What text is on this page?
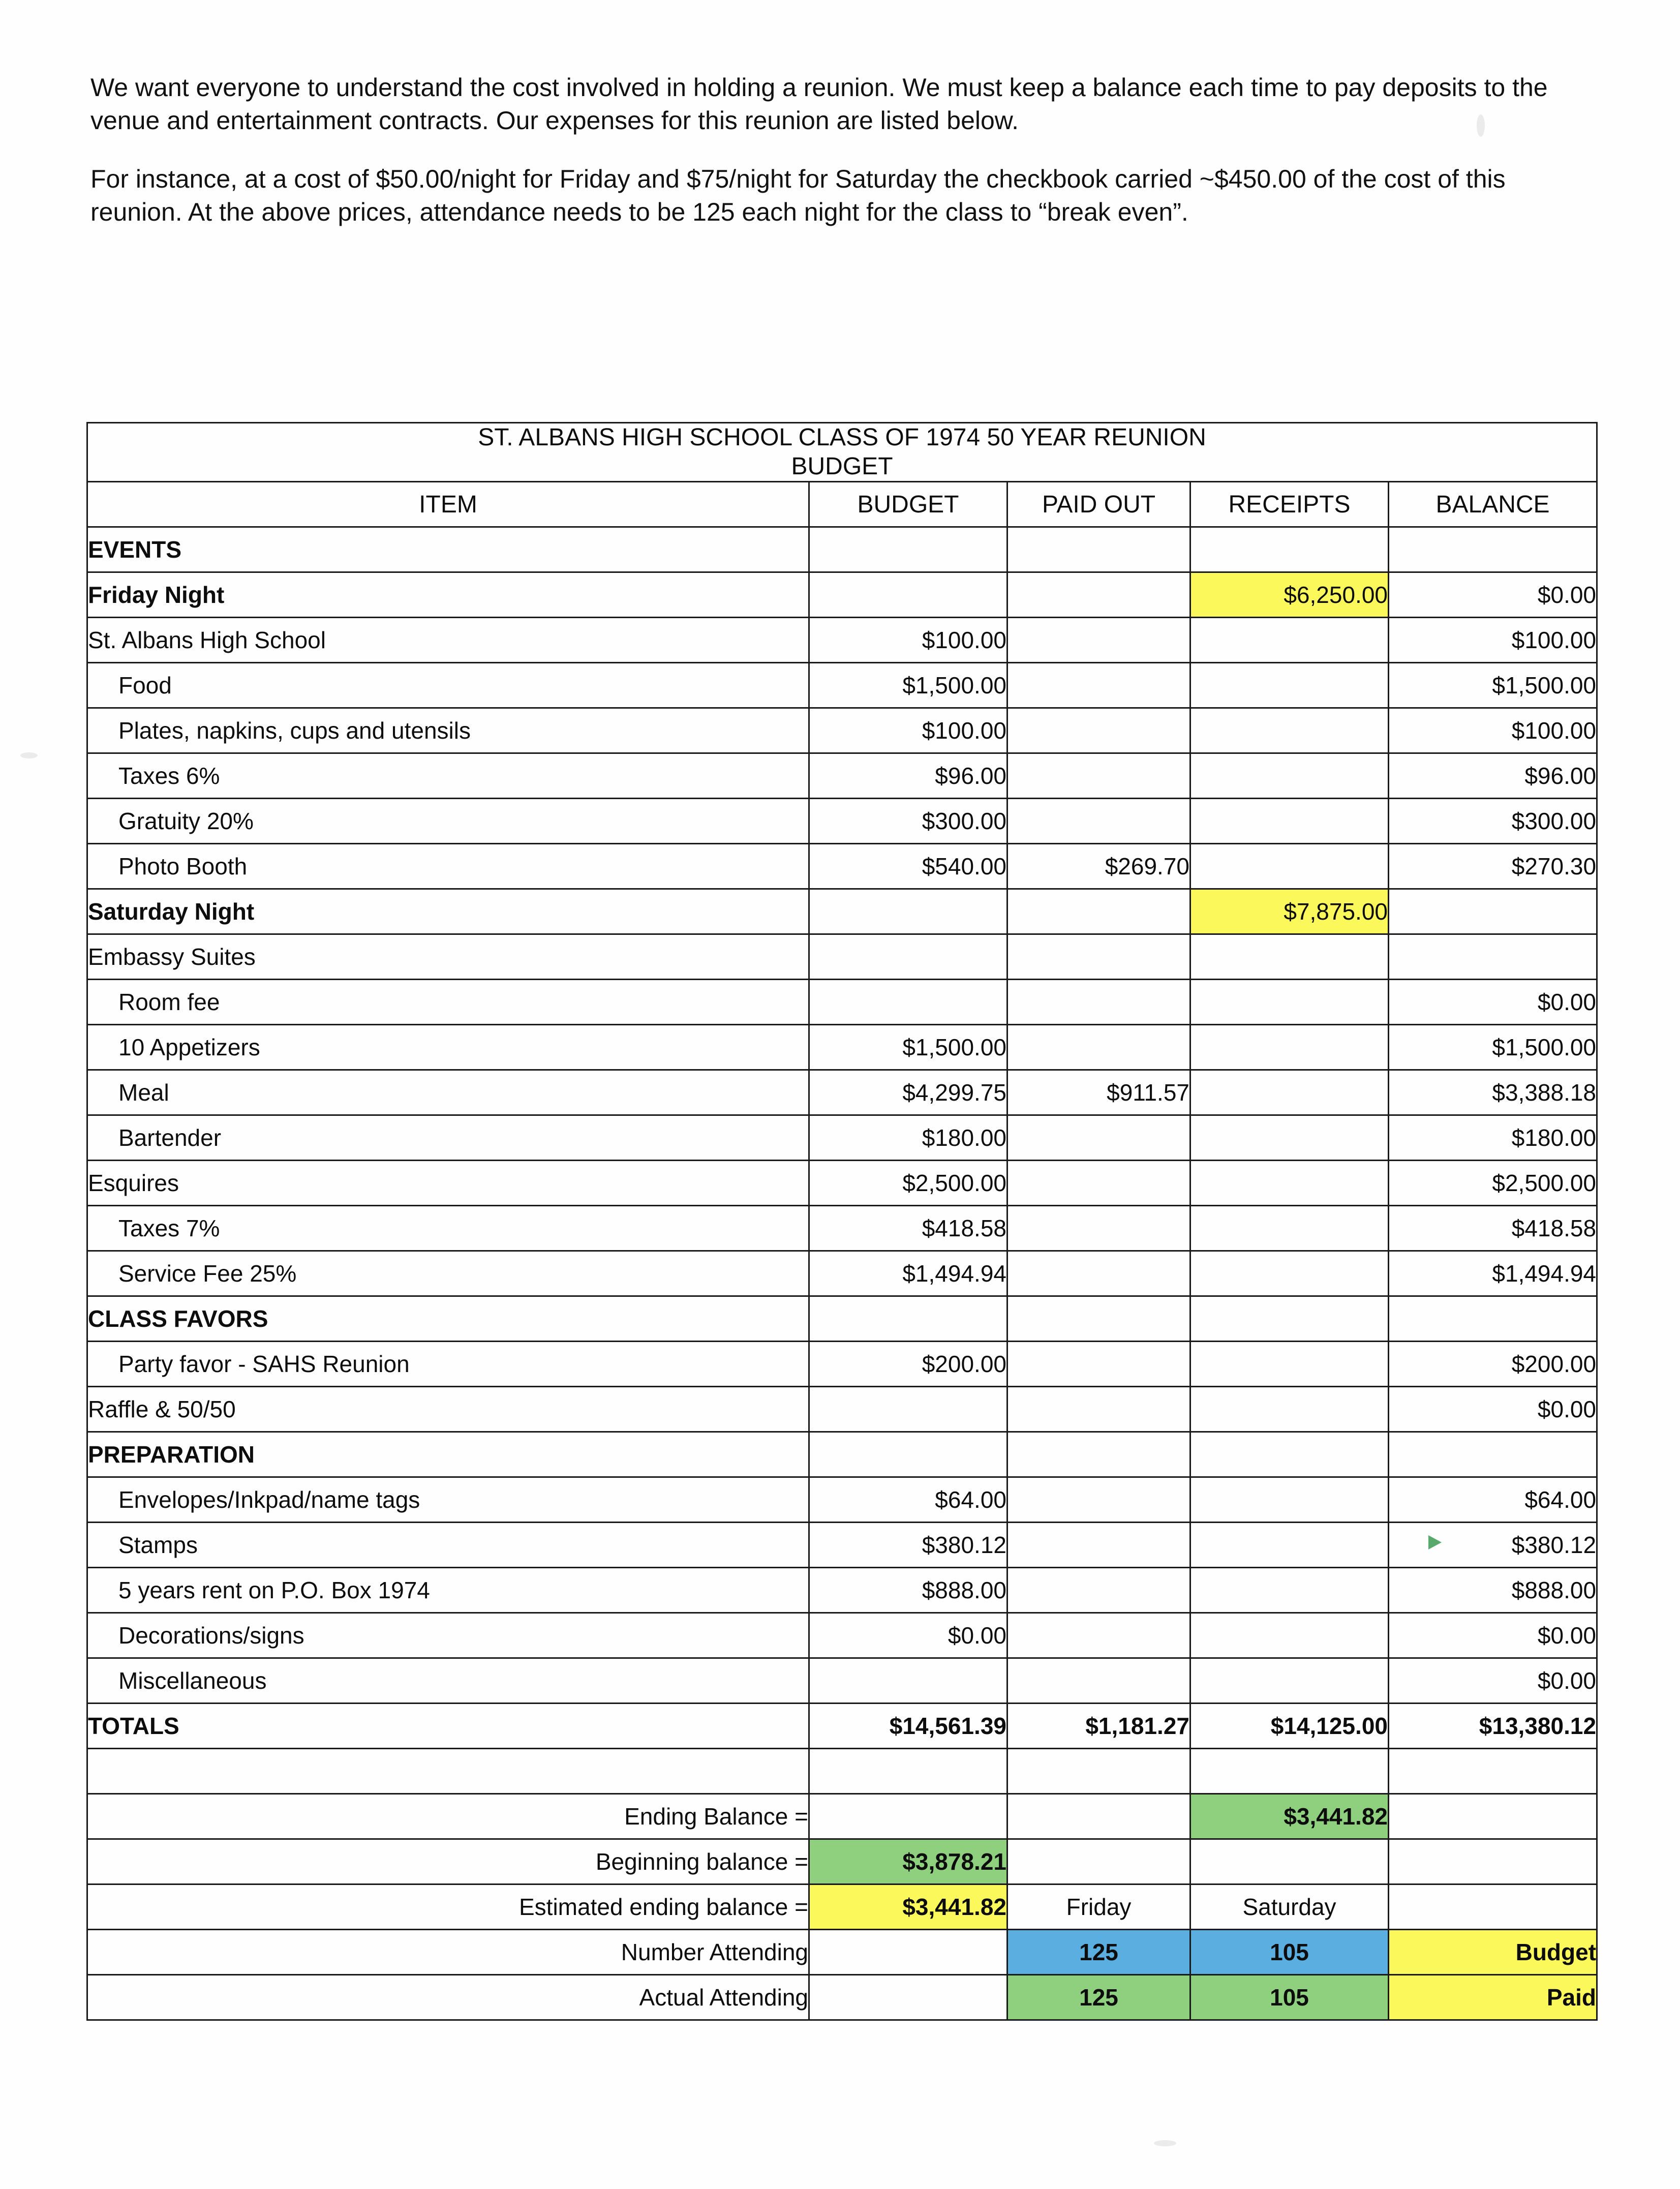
We want everyone to understand the cost involved in holding a reunion. We must keep a balance each time to pay deposits to the venue and entertainment contracts. Our expenses for this reunion are listed below.

For instance, at a cost of $50.00/night for Friday and $75/night for Saturday the checkbook carried ~$450.00 of the cost of this reunion. At the above prices, attendance needs to be 125 each night for the class to “break even”.

ST. ALBANS HIGH SCHOOL CLASS OF 1974 50 YEAR REUNION
BUDGET				

ITEM	BUDGET	PAID OUT	RECEIPTS	BALANCE
EVENTS				
Friday Night			$6,250.00	$0.00
St. Albans High School	$100.00			$100.00
Food	$1,500.00			$1,500.00
Plates, napkins, cups and utensils	$100.00			$100.00
Taxes 6%	$96.00			$96.00
Gratuity 20%	$300.00			$300.00
Photo Booth	$540.00	$269.70		$270.30
Saturday Night			$7,875.00	
Embassy Suites				
Room fee				$0.00
10 Appetizers	$1,500.00			$1,500.00
Meal	$4,299.75	$911.57		$3,388.18
Bartender	$180.00			$180.00
Esquires	$2,500.00			$2,500.00
Taxes 7%	$418.58			$418.58
Service Fee 25%	$1,494.94			$1,494.94
CLASS FAVORS				
Party favor - SAHS Reunion	$200.00			$200.00
Raffle & 50/50				$0.00
PREPARATION				
Envelopes/Inkpad/name tags	$64.00			$64.00
Stamps	$380.12			$380.12
5 years rent on P.O. Box 1974	$888.00			$888.00
Decorations/signs	$0.00			$0.00
Miscellaneous				$0.00
TOTALS	$14,561.39	$1,181.27	$14,125.00	$13,380.12

Ending Balance =			$3,441.82	
Beginning balance =	$3,878.21			
Estimated ending balance =	$3,441.82	Friday	Saturday	
Number Attending		125	105	Budget
Actual Attending		125	105	Paid
